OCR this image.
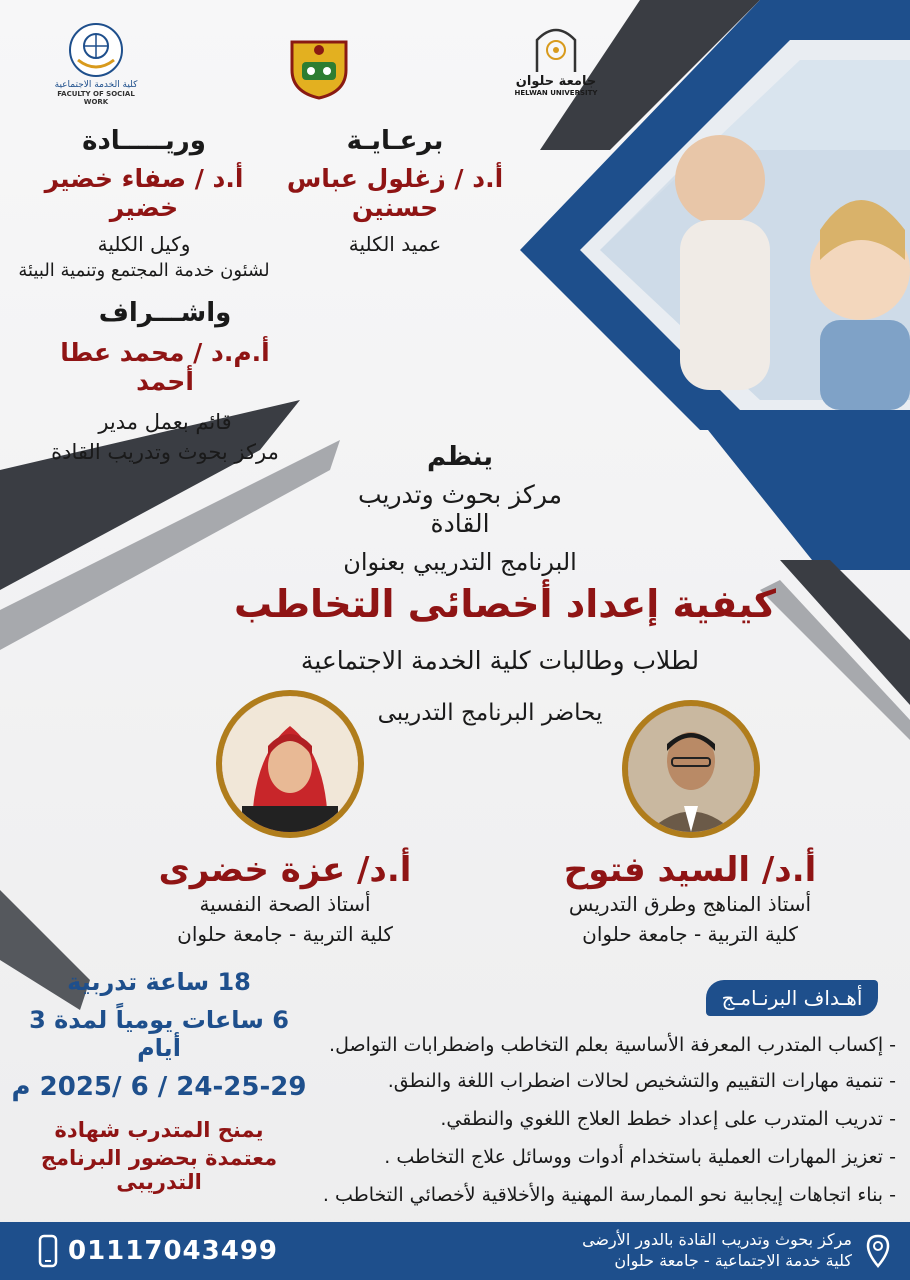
كلية الخدمة الاجتماعية
FACULTY OF SOCIAL WORK
جامعة حلوان
HELWAN UNIVERSITY
برعـايـة
أ.د / زغلول عباس حسنين
عميد الكلية
وريـــــادة
أ.د / صفاء خضير خضير
وكيل الكلية
لشئون خدمة المجتمع وتنمية البيئة
واشـــراف
أ.م.د / محمد عطا أحمد
قائم بعمل مدير
مركز بحوث وتدريب القادة	ينظم
مركز بحوث وتدريب القادة
البرنامج التدريبي بعنوان
كيفية إعداد أخصائى التخاطب
لطلاب وطالبات كلية الخدمة الاجتماعية
يحاضر البرنامج التدريبى
أ.د/ السيد فتوح
أستاذ المناهج وطرق التدريس
كلية التربية - جامعة حلوان
أ.د/ عزة خضرى
أستاذ الصحة النفسية
كلية التربية - جامعة حلوان
18 ساعة تدربية
6 ساعات يومياً لمدة 3 أيام
24-25-29 / 6 /2025 م
يمنح المتدرب شهادة
معتمدة بحضور البرنامج التدريبى
أهـداف البرنـامـج
- إكساب المتدرب المعرفة الأساسية بعلم التخاطب واضطرابات التواصل.
- تنمية مهارات التقييم والتشخيص لحالات اضطراب اللغة والنطق.
- تدريب المتدرب على إعداد خطط العلاج اللغوي والنطقي.
- تعزيز المهارات العملية باستخدام أدوات ووسائل علاج التخاطب .
- بناء اتجاهات إيجابية نحو الممارسة المهنية والأخلاقية لأخصائي التخاطب .
مركز بحوث وتدريب القادة بالدور الأرضى
كلية خدمة الاجتماعية - جامعة حلوان
01117043499
